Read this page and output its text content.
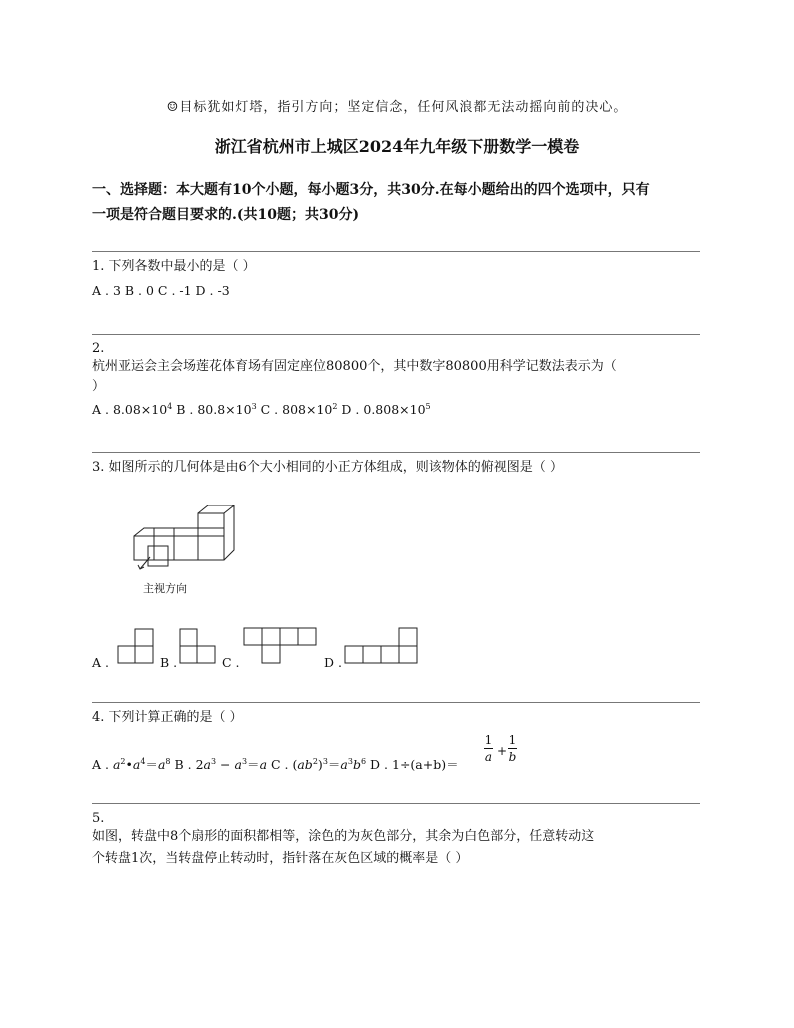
☺目标犹如灯塔，指引方向；坚定信念，任何风浪都无法动摇向前的决心。
浙江省杭州市上城区2024年九年级下册数学一模卷
一、选择题：本大题有10个小题，每小题3分，共30分.在每小题给出的四个选项中，只有
一项是符合题目要求的.(共10题；共30分)
1. 下列各数中最小的是（ ）
A . 3 B . 0 C . -1 D . -3
2.
杭州亚运会主会场莲花体育场有固定座位80800个，其中数字80800用科学记数法表示为（
）
A . $8.08\times 10^4$ B . $80.8\times 10^3$ C . $808\times 10^2$ D . $0.808\times 10^5$
3. 如图所示的几何体是由6个大小相同的小正方体组成，则该物体的俯视图是（ ）
主视方向
A .	B .	C .	D .
4. 下列计算正确的是（ ）
A . $a^2•a^4=a^8$ B . $2a^3 - a^3=a$ C . $(ab^2)^3=a^3b^6$ D . 1÷(a+b)＝
1
a +
1
b
5.
如图，转盘中8个扇形的面积都相等，涂色的为灰色部分，其余为白色部分，任意转动这
个转盘1次，当转盘停止转动时，指针落在灰色区域的概率是（ ）
